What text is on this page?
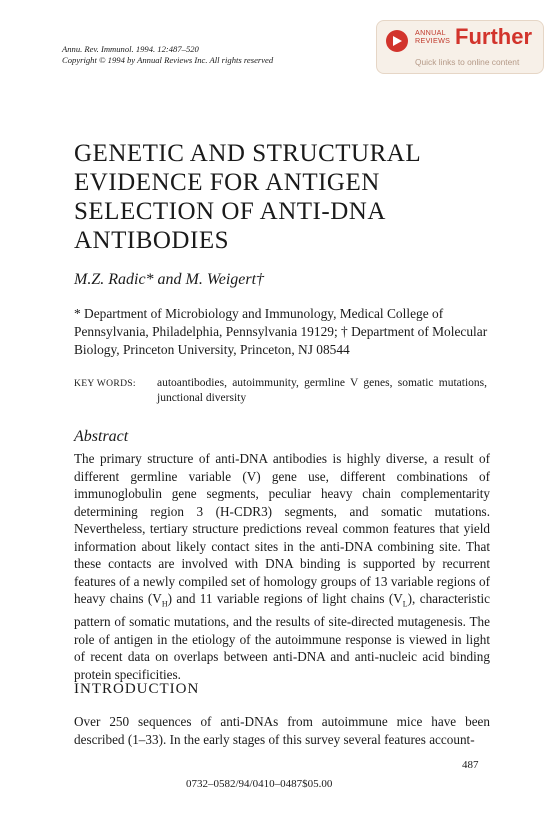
Annu. Rev. Immunol. 1994. 12:487–520
Copyright © 1994 by Annual Reviews Inc. All rights reserved
ANNUAL
REVIEWS Further
Quick links to online content
GENETIC AND STRUCTURAL EVIDENCE FOR ANTIGEN SELECTION OF ANTI-DNA ANTIBODIES
M.Z. Radic* and M. Weigert†
* Department of Microbiology and Immunology, Medical College of Pennsylvania, Philadelphia, Pennsylvania 19129; † Department of Molecular Biology, Princeton University, Princeton, NJ 08544
KEY WORDS: autoantibodies, autoimmunity, germline V genes, somatic mutations, junctional diversity
Abstract
The primary structure of anti-DNA antibodies is highly diverse, a result of different germline variable (V) gene use, different combinations of immunoglobulin gene segments, peculiar heavy chain complementarity determining region 3 (H-CDR3) segments, and somatic mutations. Nevertheless, tertiary structure predictions reveal common features that yield information about likely contact sites in the anti-DNA combining site. That these contacts are involved with DNA binding is supported by recurrent features of a newly compiled set of homology groups of 13 variable regions of heavy chains $(V_H)$ and 11 variable regions of light chains $(V_L)$, characteristic pattern of somatic mutations, and the results of site-directed mutagenesis. The role of antigen in the etiology of the autoimmune response is viewed in light of recent data on overlaps between anti-DNA and anti-nucleic acid binding protein specificities.
INTRODUCTION
Over 250 sequences of anti-DNAs from autoimmune mice have been described (1–33). In the early stages of this survey several features account-
487
0732–0582/94/0410–0487$05.00
